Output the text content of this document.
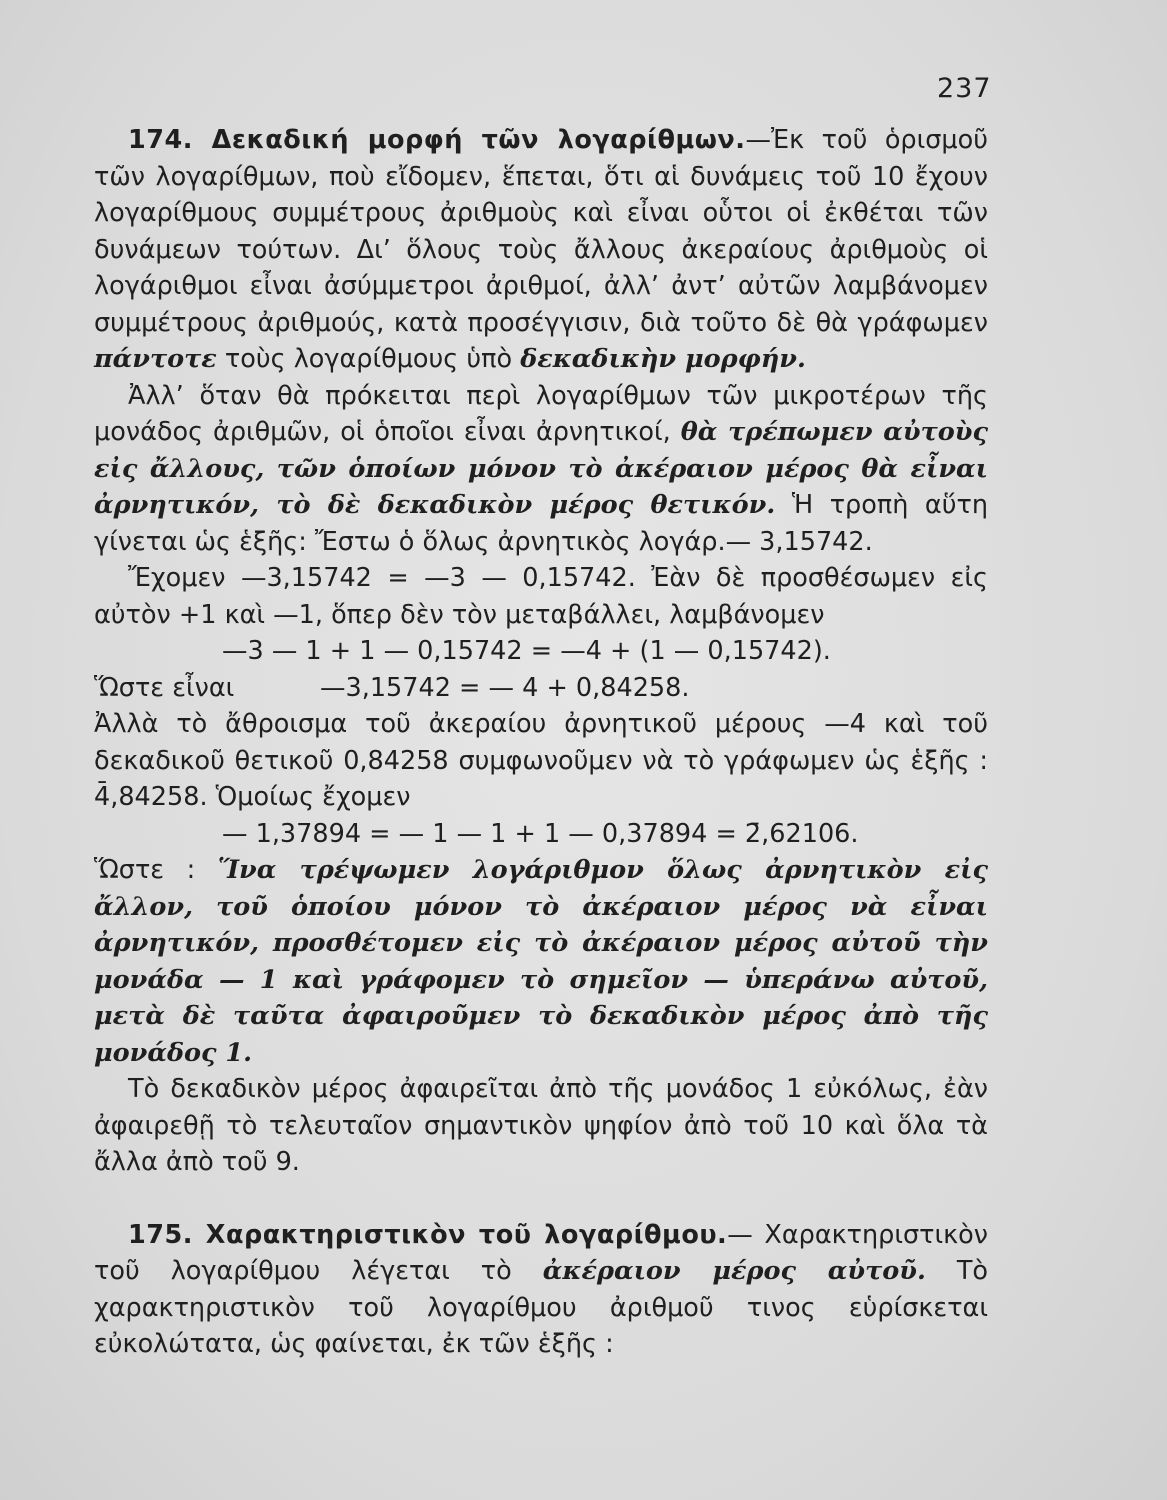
237

174. Δεκαδική μορφή τῶν λογαρίθμων.—Ἐκ τοῦ ὁρισμοῦ τῶν λογαρίθμων, ποὺ εἴδομεν, ἕπεται, ὅτι αἱ δυνάμεις τοῦ 10 ἔχουν λογαρίθμους συμμέτρους ἀριθμοὺς καὶ εἶναι οὗτοι οἱ ἐκθέται τῶν δυνάμεων τούτων. Δι’ ὅλους τοὺς ἄλλους ἀκεραίους ἀριθμοὺς οἱ λογάριθμοι εἶναι ἀσύμμετροι ἀριθμοί, ἀλλ’ ἀντ’ αὐτῶν λαμβάνομεν συμμέτρους ἀριθμούς, κατὰ προσέγγισιν, διὰ τοῦτο δὲ θὰ γράφωμεν πάντοτε τοὺς λογαρίθμους ὑπὸ δεκαδικὴν μορφήν.

Ἀλλ’ ὅταν θὰ πρόκειται περὶ λογαρίθμων τῶν μικροτέρων τῆς μονάδος ἀριθμῶν, οἱ ὁποῖοι εἶναι ἀρνητικοί, θὰ τρέπωμεν αὐτοὺς εἰς ἄλλους, τῶν ὁποίων μόνον τὸ ἀκέραιον μέρος θὰ εἶναι ἀρνητικόν, τὸ δὲ δεκαδικὸν μέρος θετικόν. Ἡ τροπὴ αὕτη γίνεται ὡς ἑξῆς: Ἔστω ὁ ὅλως ἀρνητικὸς λογάρ.— 3,15742.

Ἔχομεν —3,15742 = —3 — 0,15742. Ἐὰν δὲ προσθέσωμεν εἰς αὐτὸν +1 καὶ —1, ὅπερ δὲν τὸν μεταβάλλει, λαμβάνομεν

—3 — 1 + 1 — 0,15742 = —4 + (1 — 0,15742).

Ὥστε εἶναι	—3,15742 = — 4 + 0,84258.

Ἀλλὰ τὸ ἄθροισμα τοῦ ἀκεραίου ἀρνητικοῦ μέρους —4 καὶ τοῦ δεκαδικοῦ θετικοῦ 0,84258 συμφωνοῦμεν νὰ τὸ γράφωμεν ὡς ἑξῆς : 4̄,84258. Ὁμοίως ἔχομεν

— 1,37894 = — 1 — 1 + 1 — 0,37894 = 2̄,62106.

Ὥστε : Ἵνα τρέψωμεν λογάριθμον ὅλως ἀρνητικὸν εἰς ἄλλον, τοῦ ὁποίου μόνον τὸ ἀκέραιον μέρος νὰ εἶναι ἀρνητικόν, προσθέτομεν εἰς τὸ ἀκέραιον μέρος αὐτοῦ τὴν μονάδα — 1 καὶ γράφομεν τὸ σημεῖον — ὑπεράνω αὐτοῦ, μετὰ δὲ ταῦτα ἀφαιροῦμεν τὸ δεκαδικὸν μέρος ἀπὸ τῆς μονάδος 1.

Τὸ δεκαδικὸν μέρος ἀφαιρεῖται ἀπὸ τῆς μονάδος 1 εὐκόλως, ἐὰν ἀφαιρεθῇ τὸ τελευταῖον σημαντικὸν ψηφίον ἀπὸ τοῦ 10 καὶ ὅλα τὰ ἄλλα ἀπὸ τοῦ 9.

175. Χαρακτηριστικὸν τοῦ λογαρίθμου.— Χαρακτηριστικὸν τοῦ λογαρίθμου λέγεται τὸ ἀκέραιον μέρος αὐτοῦ. Τὸ χαρακτηριστικὸν τοῦ λογαρίθμου ἀριθμοῦ τινος εὑρίσκεται εὐκολώτατα, ὡς φαίνεται, ἐκ τῶν ἑξῆς :
